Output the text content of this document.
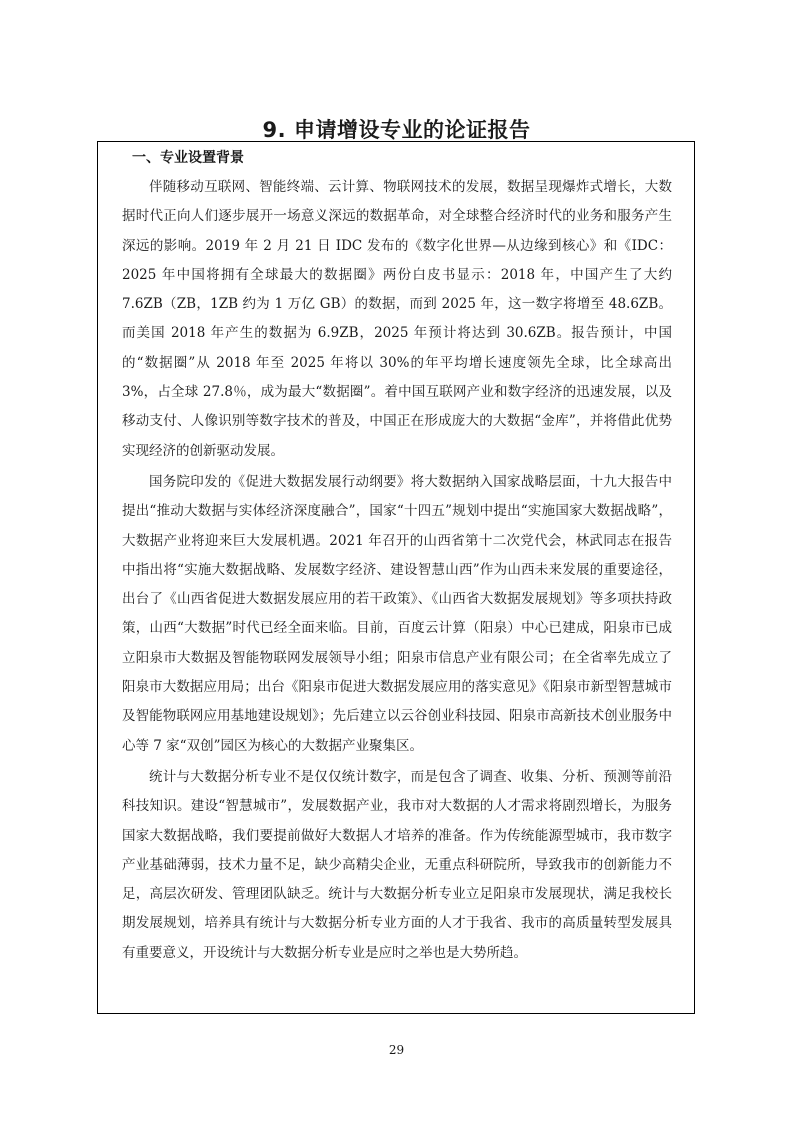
9. 申请增设专业的论证报告
一、专业设置背景

伴随移动互联网、智能终端、云计算、物联网技术的发展，数据呈现爆炸式增长，大数据时代正向人们逐步展开一场意义深远的数据革命，对全球整合经济时代的业务和服务产生深远的影响。2019 年 2 月 21 日 IDC 发布的《数字化世界—从边缘到核心》和《IDC：2025 年中国将拥有全球最大的数据圈》两份白皮书显示：2018 年，中国产生了大约 7.6ZB（ZB，1ZB 约为 1 万亿 GB）的数据，而到 2025 年，这一数字将增至 48.6ZB。而美国 2018 年产生的数据为 6.9ZB，2025 年预计将达到 30.6ZB。报告预计，中国的“数据圈”从 2018 年至 2025 年将以 30%的年平均增长速度领先全球，比全球高出 3%，占全球 27.8％，成为最大“数据圈”。着中国互联网产业和数字经济的迅速发展，以及移动支付、人像识别等数字技术的普及，中国正在形成庞大的大数据“金库”，并将借此优势实现经济的创新驱动发展。

国务院印发的《促进大数据发展行动纲要》将大数据纳入国家战略层面，十九大报告中提出“推动大数据与实体经济深度融合”，国家“十四五”规划中提出“实施国家大数据战略”，大数据产业将迎来巨大发展机遇。2021 年召开的山西省第十二次党代会，林武同志在报告中指出将“实施大数据战略、发展数字经济、建设智慧山西”作为山西未来发展的重要途径，出台了《山西省促进大数据发展应用的若干政策》、《山西省大数据发展规划》等多项扶持政策，山西“大数据”时代已经全面来临。目前，百度云计算（阳泉）中心已建成，阳泉市已成立阳泉市大数据及智能物联网发展领导小组；阳泉市信息产业有限公司；在全省率先成立了阳泉市大数据应用局；出台《阳泉市促进大数据发展应用的落实意见》《阳泉市新型智慧城市及智能物联网应用基地建设规划》；先后建立以云谷创业科技园、阳泉市高新技术创业服务中心等 7 家“双创”园区为核心的大数据产业聚集区。

统计与大数据分析专业不是仅仅统计数字，而是包含了调查、收集、分析、预测等前沿科技知识。建设“智慧城市”，发展数据产业，我市对大数据的人才需求将剧烈增长，为服务国家大数据战略，我们要提前做好大数据人才培养的准备。作为传统能源型城市，我市数字产业基础薄弱，技术力量不足，缺少高精尖企业，无重点科研院所，导致我市的创新能力不足，高层次研发、管理团队缺乏。统计与大数据分析专业立足阳泉市发展现状，满足我校长期发展规划，培养具有统计与大数据分析专业方面的人才于我省、我市的高质量转型发展具有重要意义，开设统计与大数据分析专业是应时之举也是大势所趋。

29
